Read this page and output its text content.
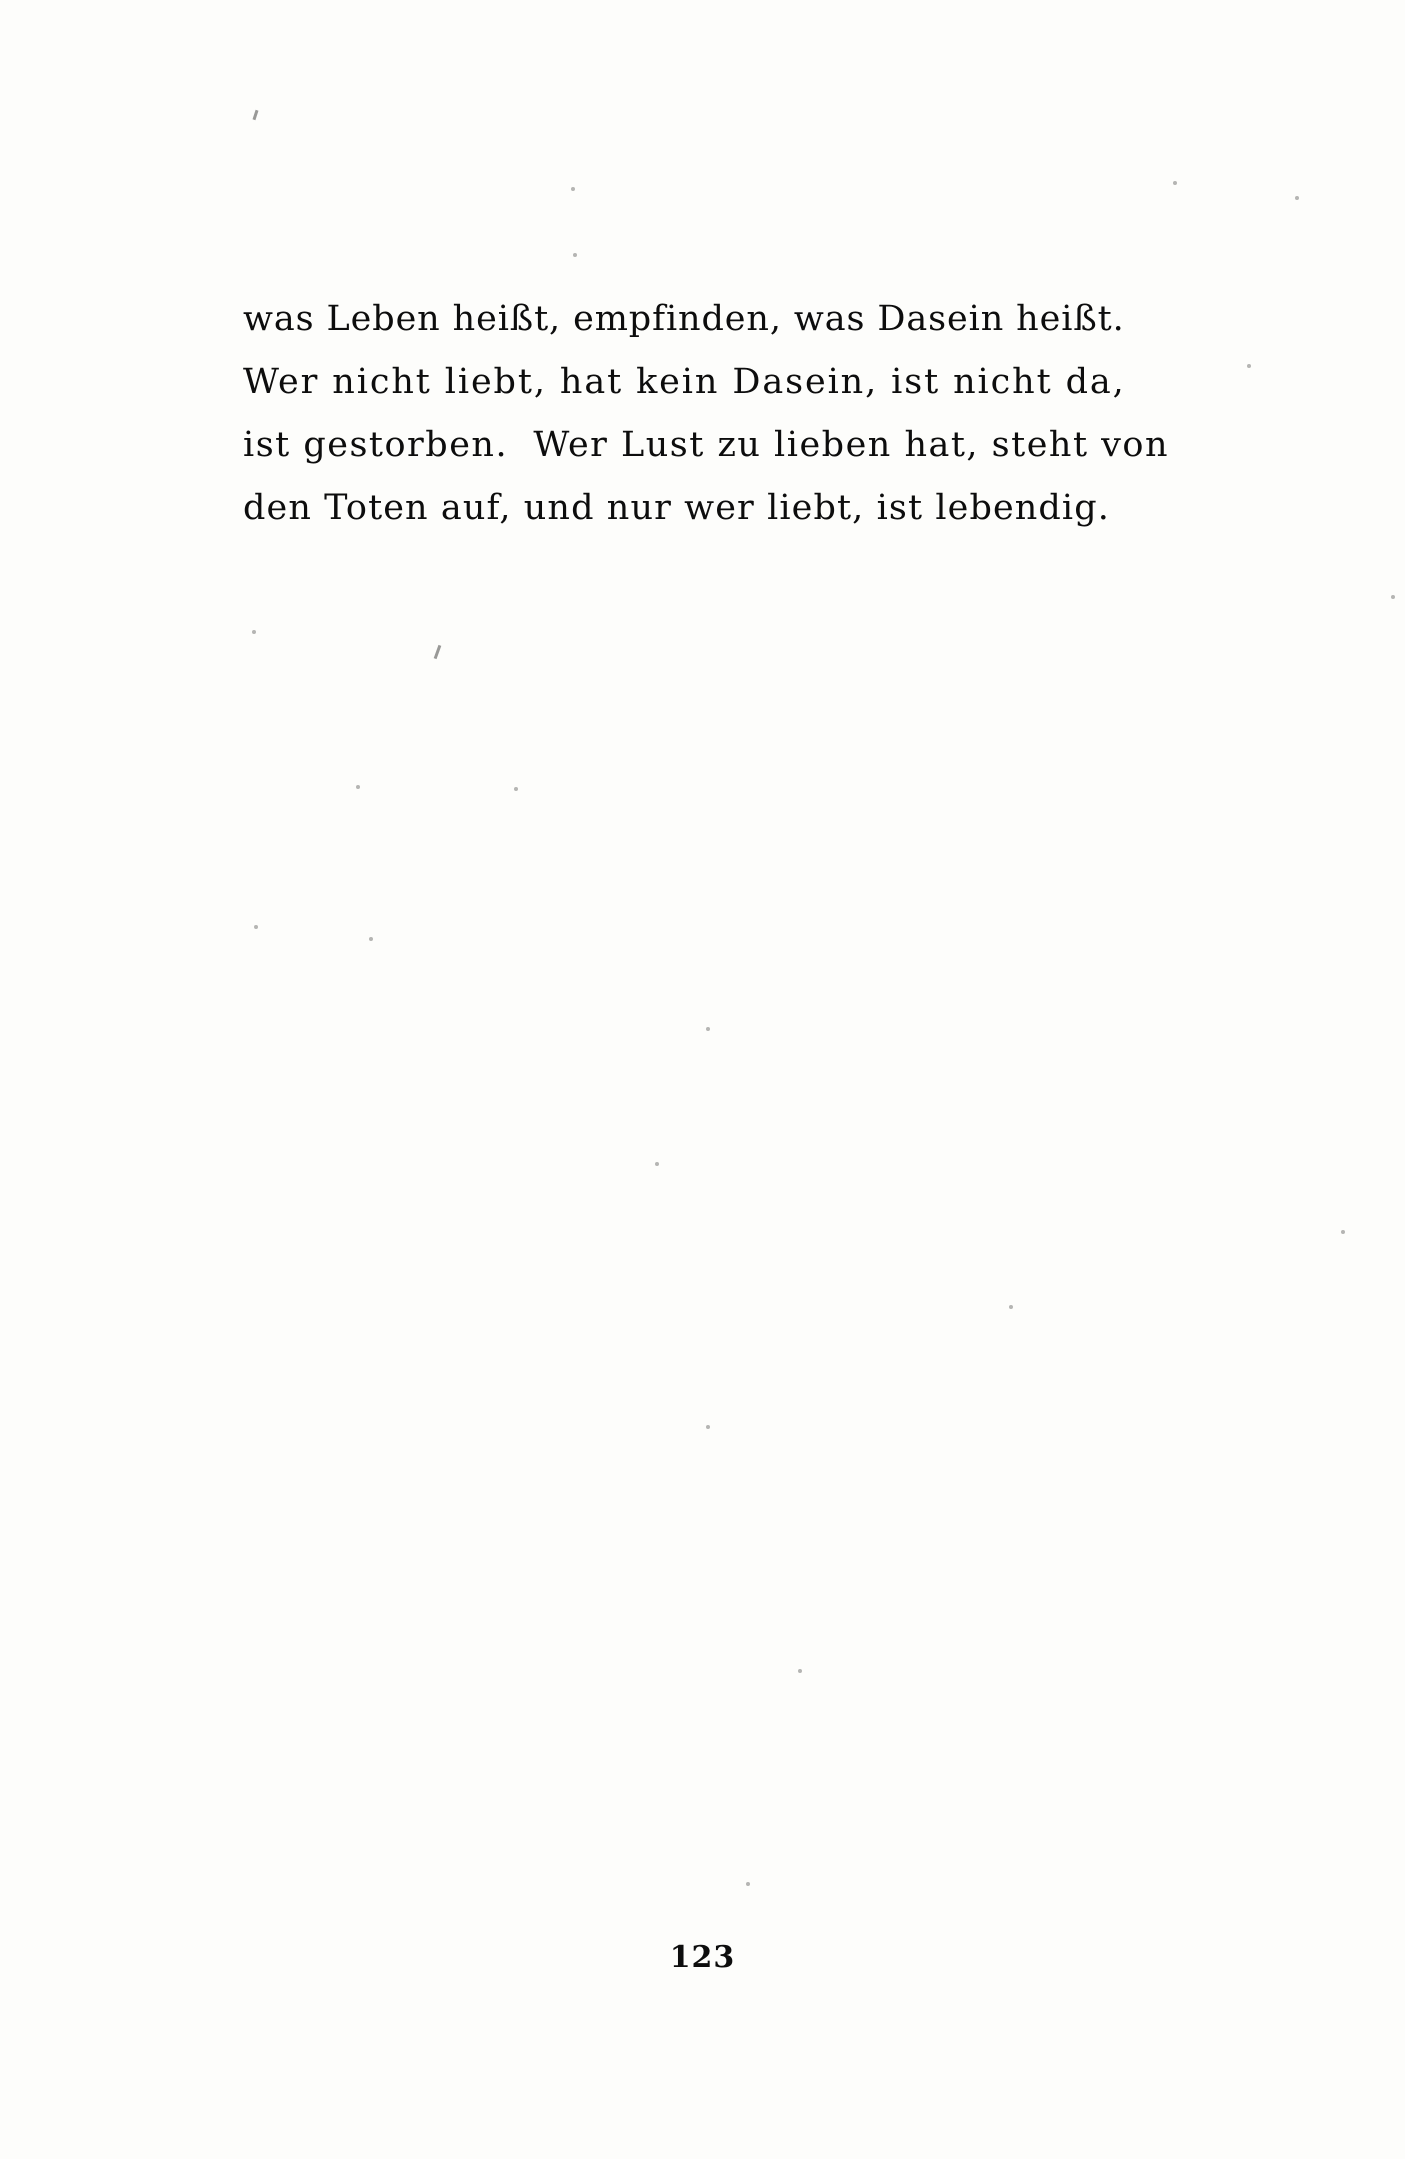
was Leben heißt, empfinden, was Dasein heißt.
Wer nicht liebt, hat kein Dasein, ist nicht da,
ist gestorben.  Wer Lust zu lieben hat, steht von
den Toten auf, und nur wer liebt, ist lebendig.
123
